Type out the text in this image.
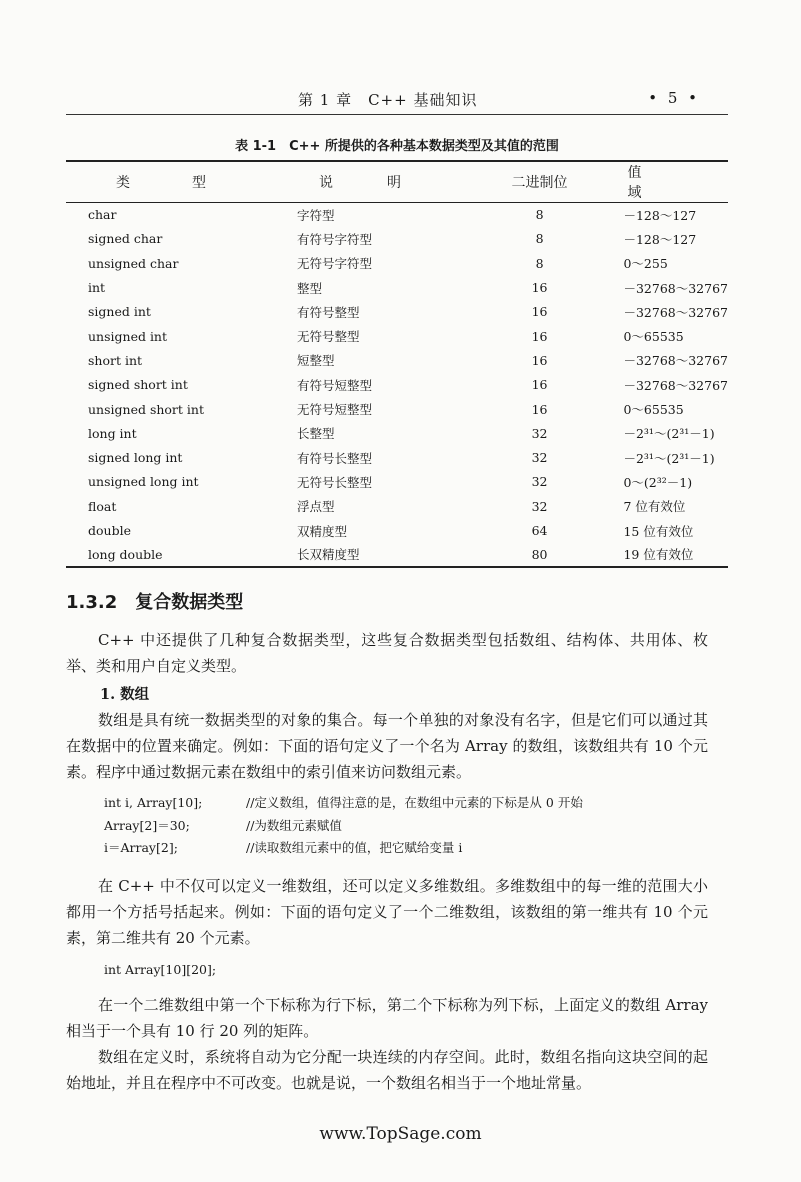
第 1 章　C++ 基础知识	• 5 •
表 1-1　C++ 所提供的各种基本数据类型及其值的范围
类　型	说　明	二进制位	值　域
char	字符型	8	－128～127
signed char	有符号字符型	8	－128～127
unsigned char	无符号字符型	8	0～255
int	整型	16	－32768～32767
signed int	有符号整型	16	－32768～32767
unsigned int	无符号整型	16	0～65535
short int	短整型	16	－32768～32767
signed short int	有符号短整型	16	－32768～32767
unsigned short int	无符号短整型	16	0～65535
long int	长整型	32	－2³¹～(2³¹－1)
signed long int	有符号长整型	32	－2³¹～(2³¹－1)
unsigned long int	无符号长整型	32	0～(2³²－1)
float	浮点型	32	7 位有效位
double	双精度型	64	15 位有效位
long double	长双精度型	80	19 位有效位
1.3.2　复合数据类型
C++ 中还提供了几种复合数据类型，这些复合数据类型包括数组、结构体、共用体、枚举、类和用户自定义类型。
1. 数组
数组是具有统一数据类型的对象的集合。每一个单独的对象没有名字，但是它们可以通过其在数据中的位置来确定。例如：下面的语句定义了一个名为 Array 的数组，该数组共有 10 个元素。程序中通过数据元素在数组中的索引值来访问数组元素。
int i, Array[10];	//定义数组，值得注意的是，在数组中元素的下标是从 0 开始
Array[2]＝30;	//为数组元素赋值
i＝Array[2];	//读取数组元素中的值，把它赋给变量 i
在 C++ 中不仅可以定义一维数组，还可以定义多维数组。多维数组中的每一维的范围大小都用一个方括号括起来。例如：下面的语句定义了一个二维数组，该数组的第一维共有 10 个元素，第二维共有 20 个元素。
int Array[10][20];
在一个二维数组中第一个下标称为行下标，第二个下标称为列下标，上面定义的数组 Array 相当于一个具有 10 行 20 列的矩阵。
数组在定义时，系统将自动为它分配一块连续的内存空间。此时，数组名指向这块空间的起始地址，并且在程序中不可改变。也就是说，一个数组名相当于一个地址常量。
www.TopSage.com
